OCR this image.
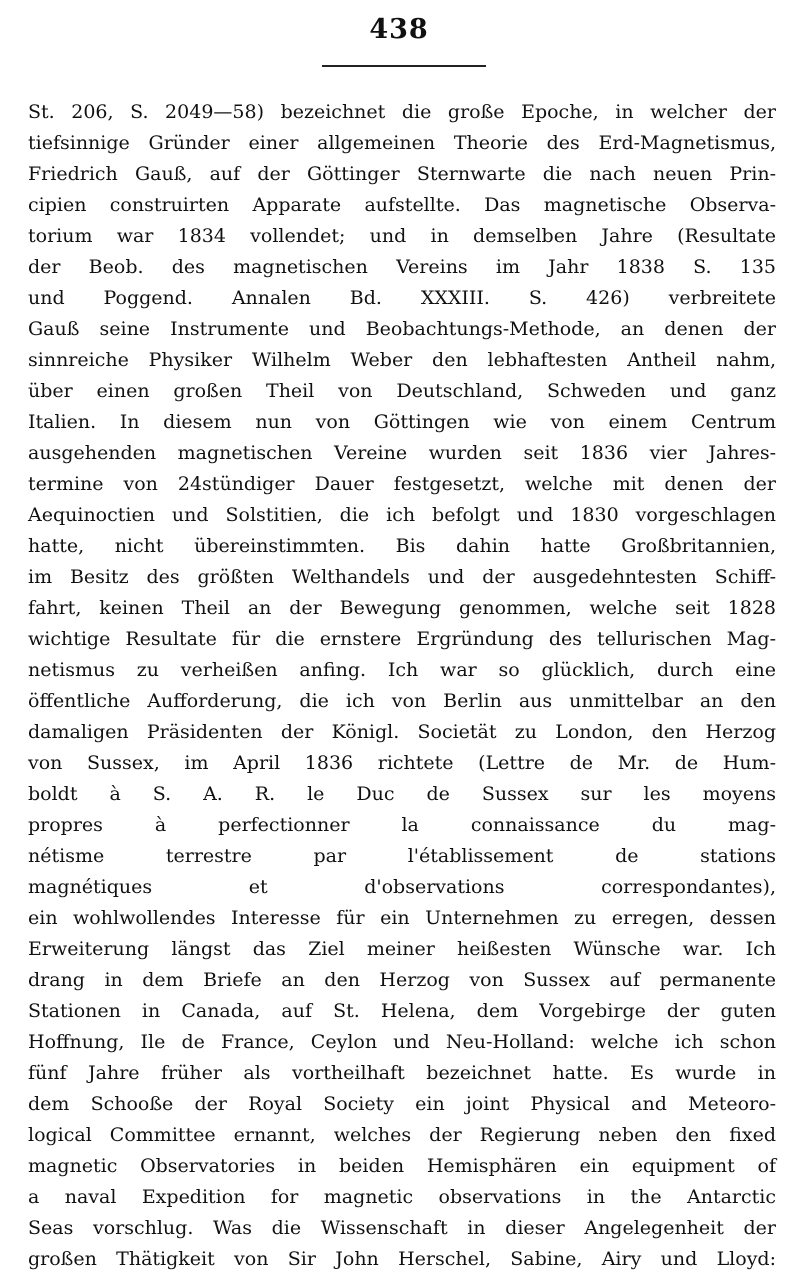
438
St. 206, S. 2049—58) bezeichnet die große Epoche, in welcher der
tiefsinnige Gründer einer allgemeinen Theorie des Erd-Magnetismus,
Friedrich Gauß, auf der Göttinger Sternwarte die nach neuen Prin-
cipien construirten Apparate aufstellte. Das magnetische Observa-
torium war 1834 vollendet; und in demselben Jahre (Resultate
der Beob. des magnetischen Vereins im Jahr 1838 S. 135
und Poggend. Annalen Bd. XXXIII. S. 426) verbreitete
Gauß seine Instrumente und Beobachtungs-Methode, an denen der
sinnreiche Physiker Wilhelm Weber den lebhaftesten Antheil nahm,
über einen großen Theil von Deutschland, Schweden und ganz
Italien. In diesem nun von Göttingen wie von einem Centrum
ausgehenden magnetischen Vereine wurden seit 1836 vier Jahres-
termine von 24stündiger Dauer festgesetzt, welche mit denen der
Aequinoctien und Solstitien, die ich befolgt und 1830 vorgeschlagen
hatte, nicht übereinstimmten. Bis dahin hatte Großbritannien,
im Besitz des größten Welthandels und der ausgedehntesten Schiff-
fahrt, keinen Theil an der Bewegung genommen, welche seit 1828
wichtige Resultate für die ernstere Ergründung des tellurischen Mag-
netismus zu verheißen anfing. Ich war so glücklich, durch eine
öffentliche Aufforderung, die ich von Berlin aus unmittelbar an den
damaligen Präsidenten der Königl. Societät zu London, den Herzog
von Sussex, im April 1836 richtete (Lettre de Mr. de Hum-
boldt à S. A. R. le Duc de Sussex sur les moyens
propres à perfectionner la connaissance du mag-
nétisme terrestre par l'établissement de stations
magnétiques et d'observations correspondantes),
ein wohlwollendes Interesse für ein Unternehmen zu erregen, dessen
Erweiterung längst das Ziel meiner heißesten Wünsche war. Ich
drang in dem Briefe an den Herzog von Sussex auf permanente
Stationen in Canada, auf St. Helena, dem Vorgebirge der guten
Hoffnung, Ile de France, Ceylon und Neu-Holland: welche ich schon
fünf Jahre früher als vortheilhaft bezeichnet hatte. Es wurde in
dem Schooße der Royal Society ein joint Physical and Meteoro-
logical Committee ernannt, welches der Regierung neben den fixed
magnetic Observatories in beiden Hemisphären ein equipment of
a naval Expedition for magnetic observations in the Antarctic
Seas vorschlug. Was die Wissenschaft in dieser Angelegenheit der
großen Thätigkeit von Sir John Herschel, Sabine, Airy und Lloyd:
